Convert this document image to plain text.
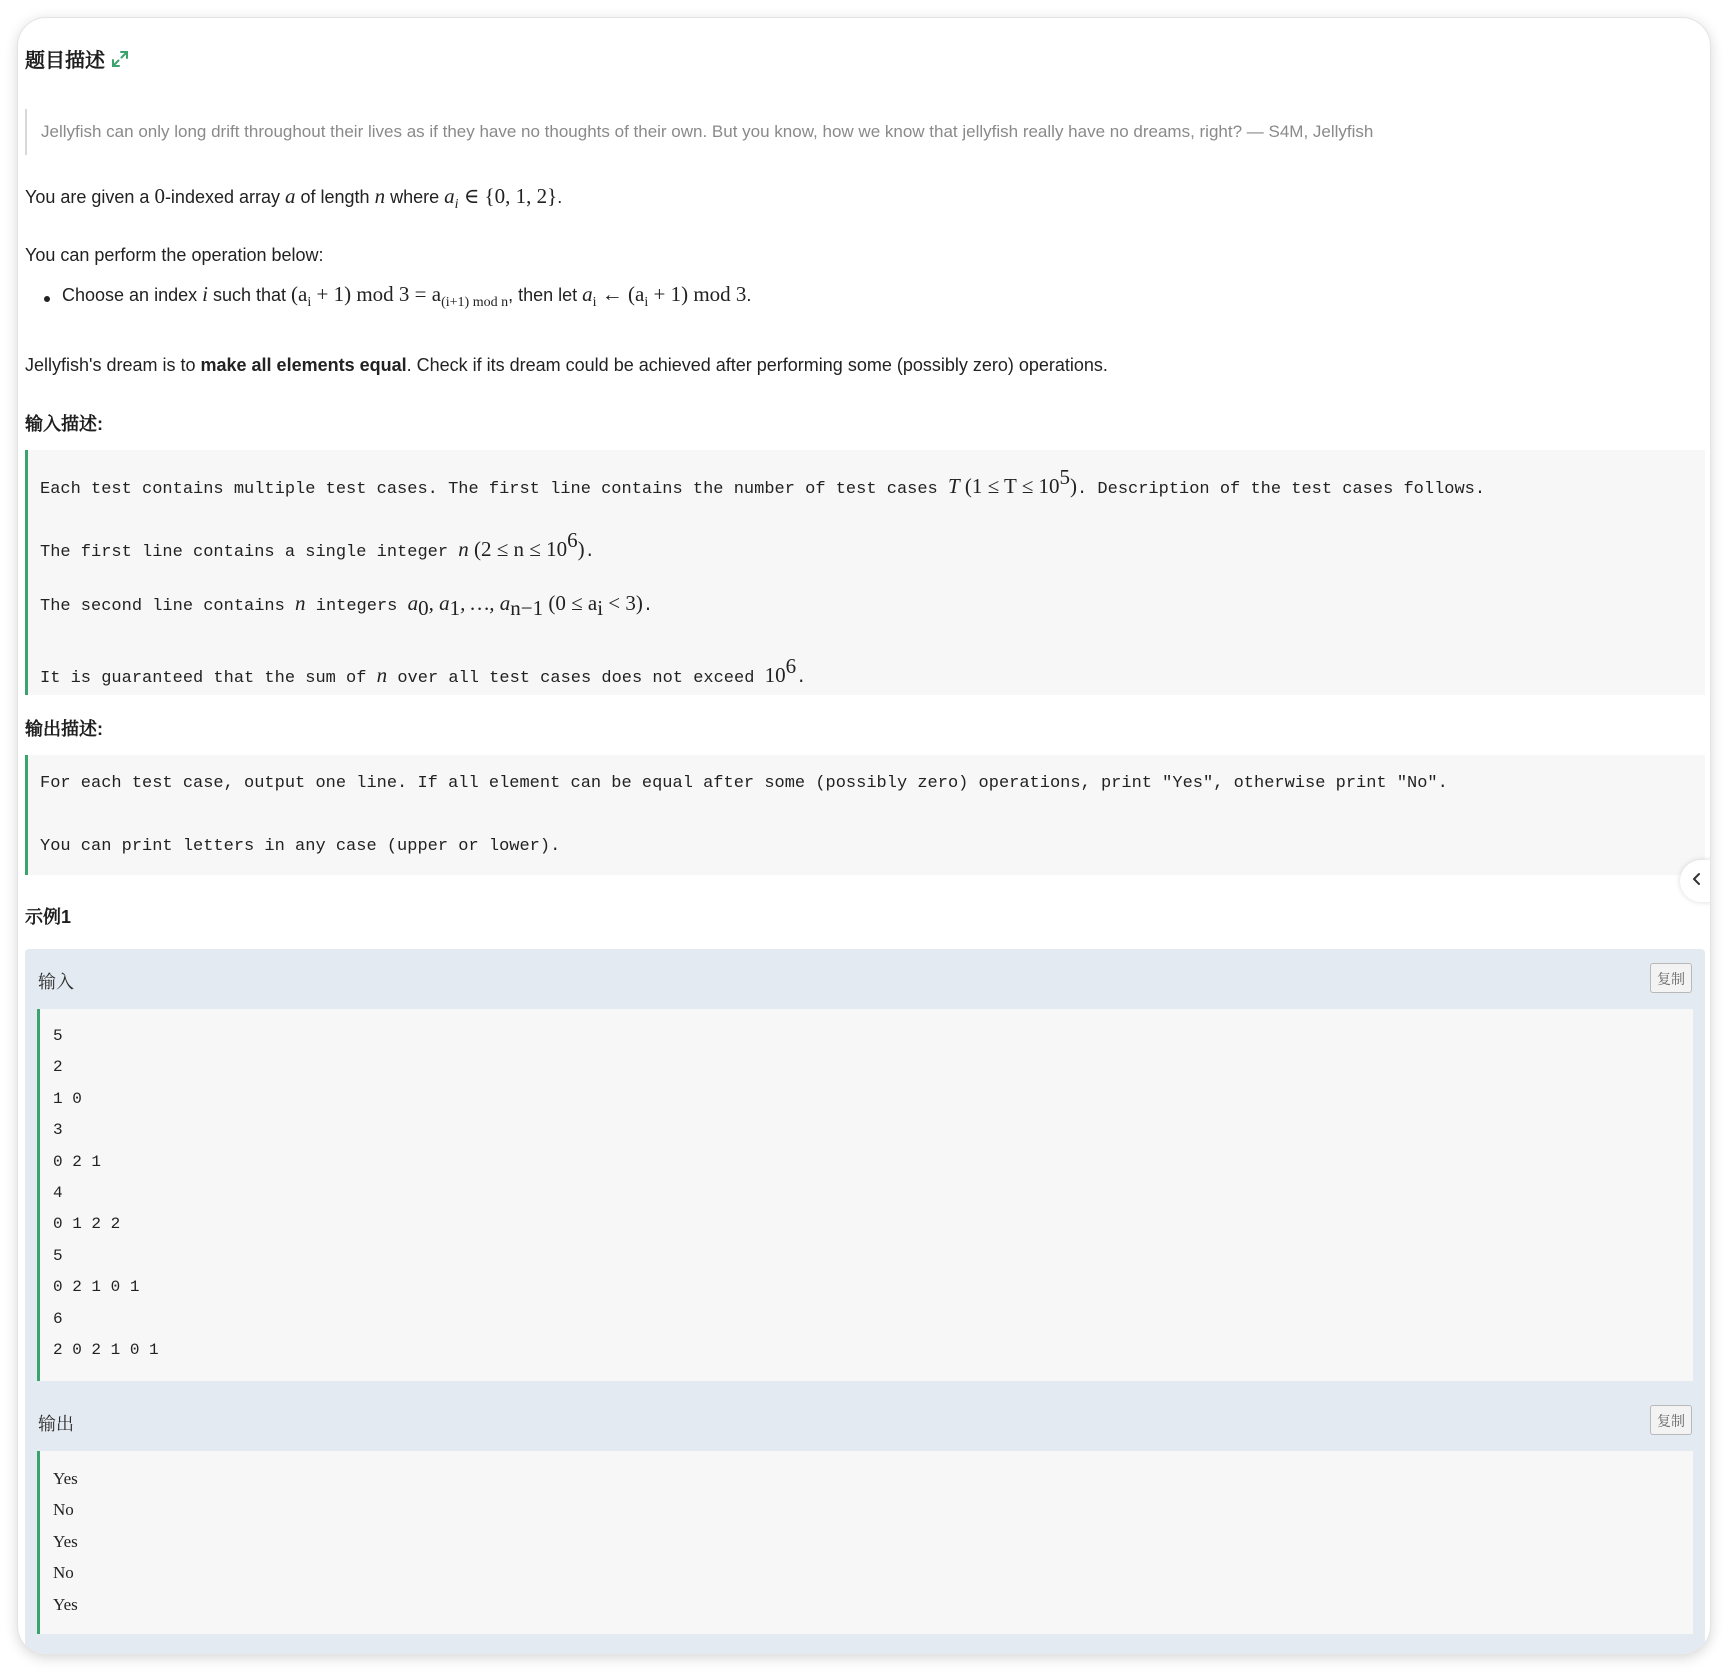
题目描述
Jellyfish can only long drift throughout their lives as if they have no thoughts of their own. But you know, how we know that jellyfish really have no dreams, right? — S4M, Jellyfish
You are given a 0-indexed array a of length n where $a_i$ ∈ {0, 1, 2}.
You can perform the operation below:
Choose an index i such that $(a_i + 1)$ mod $3 = a_{(i+1) mod n}$, then let $a_i$ ← $(a_i + 1)$ mod 3.
Jellyfish's dream is to make all elements equal. Check if its dream could be achieved after performing some (possibly zero) operations.
输入描述:
Each test contains multiple test cases. The first line contains the number of test cases T (1 ≤ T ≤ 105). Description of the test cases follows.
The first line contains a single integer n (2 ≤ n ≤ 106).
The second line contains n integers a0, a1, …, an−1 (0 ≤ ai < 3).
It is guaranteed that the sum of n over all test cases does not exceed 106.
输出描述:
For each test case, output one line. If all element can be equal after some (possibly zero) operations, print "Yes", otherwise print "No".
You can print letters in any case (upper or lower).
示例1
输入	复制
5
2
1 0
3
0 2 1
4
0 1 2 2
5
0 2 1 0 1
6
2 0 2 1 0 1
输出	复制
Yes
No
Yes
No
Yes
